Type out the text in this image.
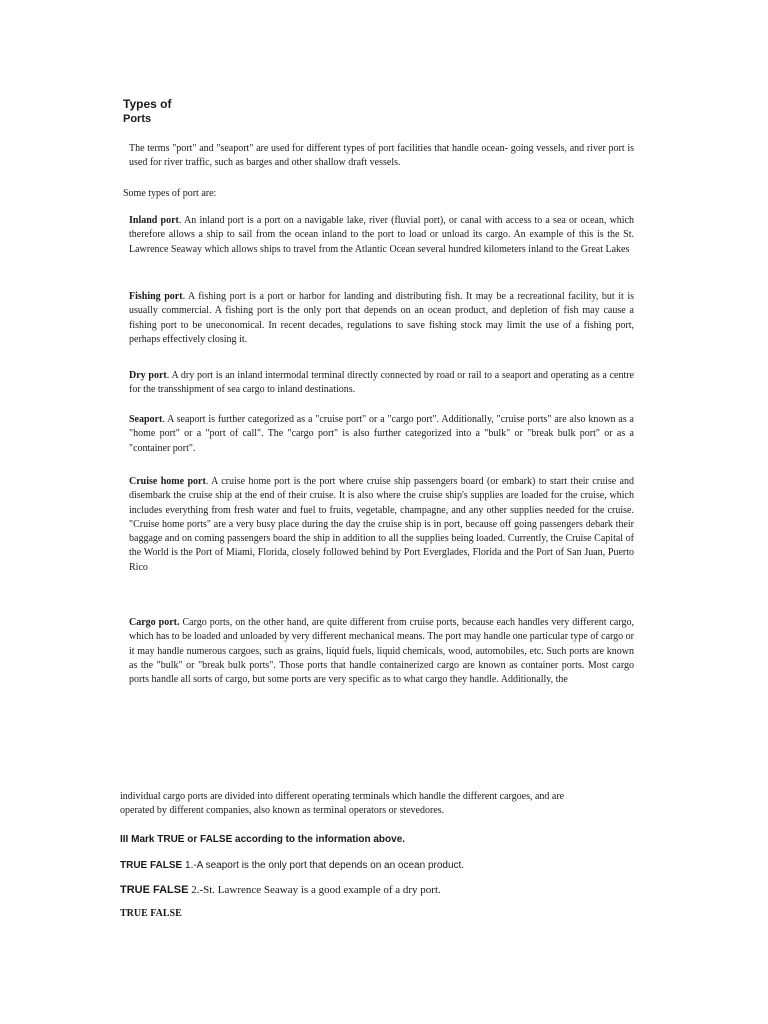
Types of
Ports

The terms "port" and "seaport" are used for different types of port facilities that handle ocean- going vessels, and river port is used for river traffic, such as barges and other shallow draft vessels.

Some types of port are:

Inland port. An inland port is a port on a navigable lake, river (fluvial port), or canal with access to a sea or ocean, which therefore allows a ship to sail from the ocean inland to the port to load or unload its cargo. An example of this is the St. Lawrence Seaway which allows ships to travel from the Atlantic Ocean several hundred kilometers inland to the Great Lakes

Fishing port. A fishing port is a port or harbor for landing and distributing fish. It may be a recreational facility, but it is usually commercial. A fishing port is the only port that depends on an ocean product, and depletion of fish may cause a fishing port to be uneconomical. In recent decades, regulations to save fishing stock may limit the use of a fishing port, perhaps effectively closing it.

Dry port. A dry port is an inland intermodal terminal directly connected by road or rail to a seaport and operating as a centre for the transshipment of sea cargo to inland destinations.

Seaport. A seaport is further categorized as a "cruise port" or a "cargo port". Additionally, "cruise ports" are also known as a "home port" or a "port of call". The "cargo port" is also further categorized into a "bulk" or "break bulk port" or as a "container port".

Cruise home port. A cruise home port is the port where cruise ship passengers board (or embark) to start their cruise and disembark the cruise ship at the end of their cruise. It is also where the cruise ship's supplies are loaded for the cruise, which includes everything from fresh water and fuel to fruits, vegetable, champagne, and any other supplies needed for the cruise. "Cruise home ports" are a very busy place during the day the cruise ship is in port, because off going passengers debark their baggage and on coming passengers board the ship in addition to all the supplies being loaded. Currently, the Cruise Capital of the World is the Port of Miami, Florida, closely followed behind by Port Everglades, Florida and the Port of San Juan, Puerto Rico

Cargo port. Cargo ports, on the other hand, are quite different from cruise ports, because each handles very different cargo, which has to be loaded and unloaded by very different mechanical means. The port may handle one particular type of cargo or it may handle numerous cargoes, such as grains, liquid fuels, liquid chemicals, wood, automobiles, etc. Such ports are known as the "bulk" or "break bulk ports". Those ports that handle containerized cargo are known as container ports. Most cargo ports handle all sorts of cargo, but some ports are very specific as to what cargo they handle. Additionally, the

individual cargo ports are divided into different operating terminals which handle the different cargoes, and are operated by different companies, also known as terminal operators or stevedores.

III Mark TRUE or FALSE according to the information above.
TRUE FALSE 1.-A seaport is the only port that depends on an ocean product.
TRUE FALSE 2.-St. Lawrence Seaway is a good example of a dry port.
TRUE FALSE
